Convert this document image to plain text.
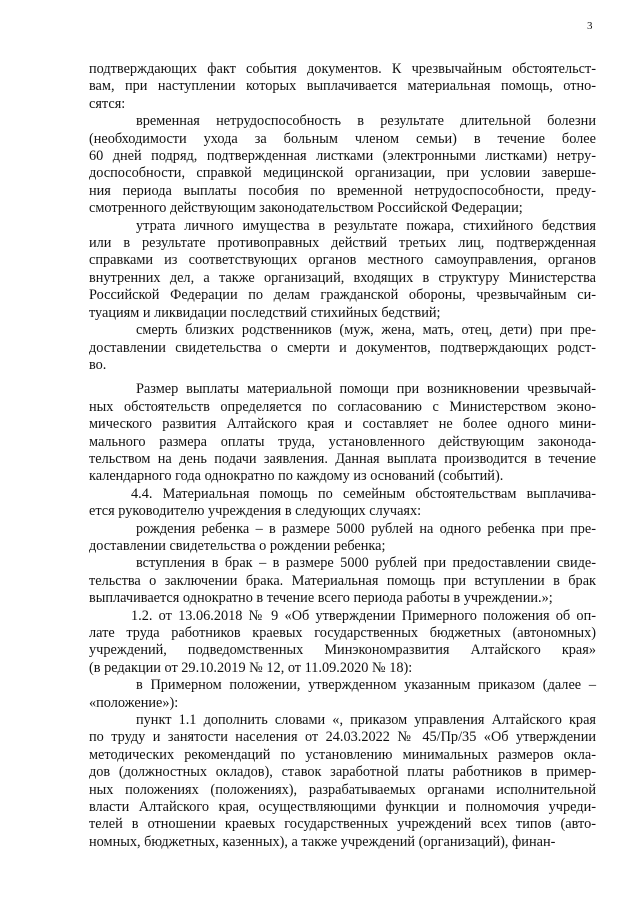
3
подтверждающих факт события документов. К чрезвычайным обстоятельст-
вам, при наступлении которых выплачивается материальная помощь, отно-
сятся:
временная нетрудоспособность в результате длительной болезни
(необходимости ухода за больным членом семьи) в течение более
60 дней подряд, подтвержденная листками (электронными листками) нетру-
доспособности, справкой медицинской организации, при условии заверше-
ния периода выплаты пособия по временной нетрудоспособности, преду-
смотренного действующим законодательством Российской Федерации;
утрата личного имущества в результате пожара, стихийного бедствия
или в результате противоправных действий третьих лиц, подтвержденная
справками из соответствующих органов местного самоуправления, органов
внутренних дел, а также организаций, входящих в структуру Министерства
Российской Федерации по делам гражданской обороны, чрезвычайным си-
туациям и ликвидации последствий стихийных бедствий;
смерть близких родственников (муж, жена, мать, отец, дети) при пре-
доставлении свидетельства о смерти и документов, подтверждающих родст-
во.
Размер выплаты материальной помощи при возникновении чрезвычай-
ных обстоятельств определяется по согласованию с Министерством эконо-
мического развития Алтайского края и составляет не более одного мини-
мального размера оплаты труда, установленного действующим законода-
тельством на день подачи заявления. Данная выплата производится в течение
календарного года однократно по каждому из оснований (событий).
4.4. Материальная помощь по семейным обстоятельствам выплачива-
ется руководителю учреждения в следующих случаях:
рождения ребенка – в размере 5000 рублей на одного ребенка при пре-
доставлении свидетельства о рождении ребенка;
вступления в брак – в размере 5000 рублей при предоставлении свиде-
тельства о заключении брака. Материальная помощь при вступлении в брак
выплачивается однократно в течение всего периода работы в учреждении.»;
1.2. от 13.06.2018 № 9 «Об утверждении Примерного положения об оп-
лате труда работников краевых государственных бюджетных (автономных)
учреждений, подведомственных Минэкономразвития Алтайского края»
(в редакции от 29.10.2019 № 12, от 11.09.2020 № 18):
в Примерном положении, утвержденном указанным приказом (далее –
«положение»):
пункт 1.1 дополнить словами «, приказом управления Алтайского края
по труду и занятости населения от 24.03.2022 № 45/Пр/35 «Об утверждении
методических рекомендаций по установлению минимальных размеров окла-
дов (должностных окладов), ставок заработной платы работников в пример-
ных положениях (положениях), разрабатываемых органами исполнительной
власти Алтайского края, осуществляющими функции и полномочия учреди-
телей в отношении краевых государственных учреждений всех типов (авто-
номных, бюджетных, казенных), а также учреждений (организаций), финан-
